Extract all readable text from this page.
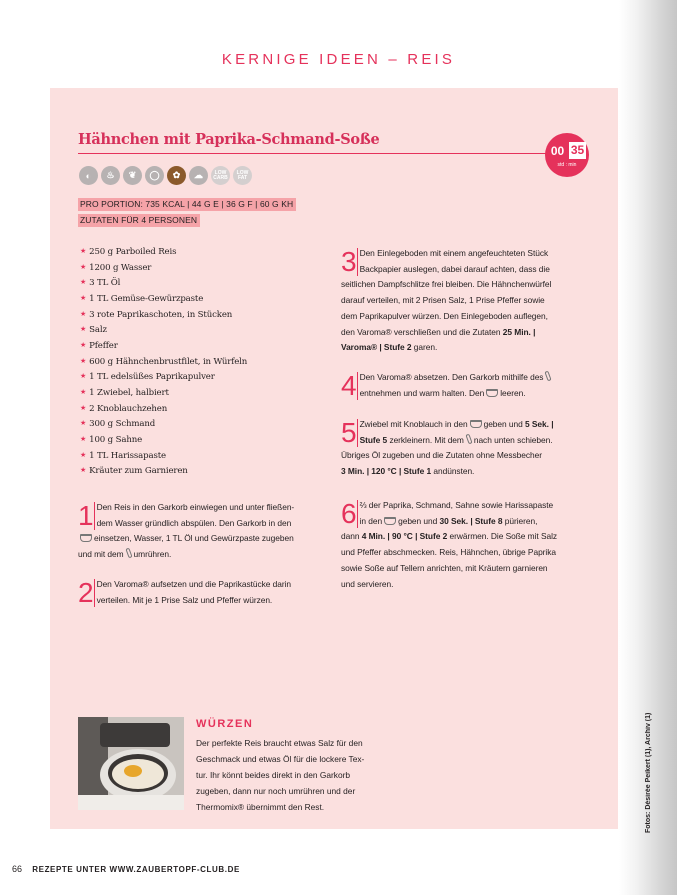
KERNIGE IDEEN – REIS
Hähnchen mit Paprika-Schmand-Soße
00 35
std : min
◐	♨	❦	◯	✿	☁	LOW
CARB
LOW
FAT
PRO PORTION: 735 KCAL | 44 G E | 36 G F | 60 G KH
ZUTATEN FÜR 4 PERSONEN
★ 250 g Parboiled Reis
★ 1200 g Wasser
★ 3 TL Öl
★ 1 TL Gemüse-Gewürzpaste
★ 3 rote Paprikaschoten, in Stücken
★ Salz
★ Pfeffer
★ 600 g Hähnchenbrustfilet, in Würfeln
★ 1 TL edelsüßes Paprikapulver
★ 1 Zwiebel, halbiert
★ 2 Knoblauchzehen
★ 300 g Schmand
★ 100 g Sahne
★ 1 TL Harissapaste
★ Kräuter zum Garnieren
1 Den Reis in den Garkorb einwiegen und unter fließen-
dem Wasser gründlich abspülen. Den Garkorb in den
einsetzen, Wasser, 1 TL Öl und Gewürzpaste zugeben
und mit dem umrühren.
2 Den Varoma® aufsetzen und die Paprikastücke darin
verteilen. Mit je 1 Prise Salz und Pfeffer würzen.
3 Den Einlegeboden mit einem angefeuchteten Stück
Backpapier auslegen, dabei darauf achten, dass die
seitlichen Dampfschlitze frei bleiben. Die Hähnchenwürfel
darauf verteilen, mit 2 Prisen Salz, 1 Prise Pfeffer sowie
dem Paprikapulver würzen. Den Einlegeboden auflegen,
den Varoma® verschließen und die Zutaten 25 Min. |
Varoma® | Stufe 2 garen.
4 Den Varoma® absetzen. Den Garkorb mithilfe des
entnehmen und warm halten. Den leeren.
5 Zwiebel mit Knoblauch in den geben und 5 Sek. |
Stufe 5 zerkleinern. Mit dem nach unten schieben.
Übriges Öl zugeben und die Zutaten ohne Messbecher
3 Min. | 120 °C | Stufe 1 andünsten.
6 ⅔ der Paprika, Schmand, Sahne sowie Harissapaste
in den geben und 30 Sek. | Stufe 8 pürieren,
dann 4 Min. | 90 °C | Stufe 2 erwärmen. Die Soße mit Salz
und Pfeffer abschmecken. Reis, Hähnchen, übrige Paprika
sowie Soße auf Tellern anrichten, mit Kräutern garnieren
und servieren.
WÜRZEN
Der perfekte Reis braucht etwas Salz für den
Geschmack und etwas Öl für die lockere Tex-
tur. Ihr könnt beides direkt in den Garkorb
zugeben, dann nur noch umrühren und der
Thermomix® übernimmt den Rest.	Fotos: Désirée Peikert (1), Archiv (1)
66 REZEPTE UNTER WWW.ZAUBERTOPF-CLUB.DE
